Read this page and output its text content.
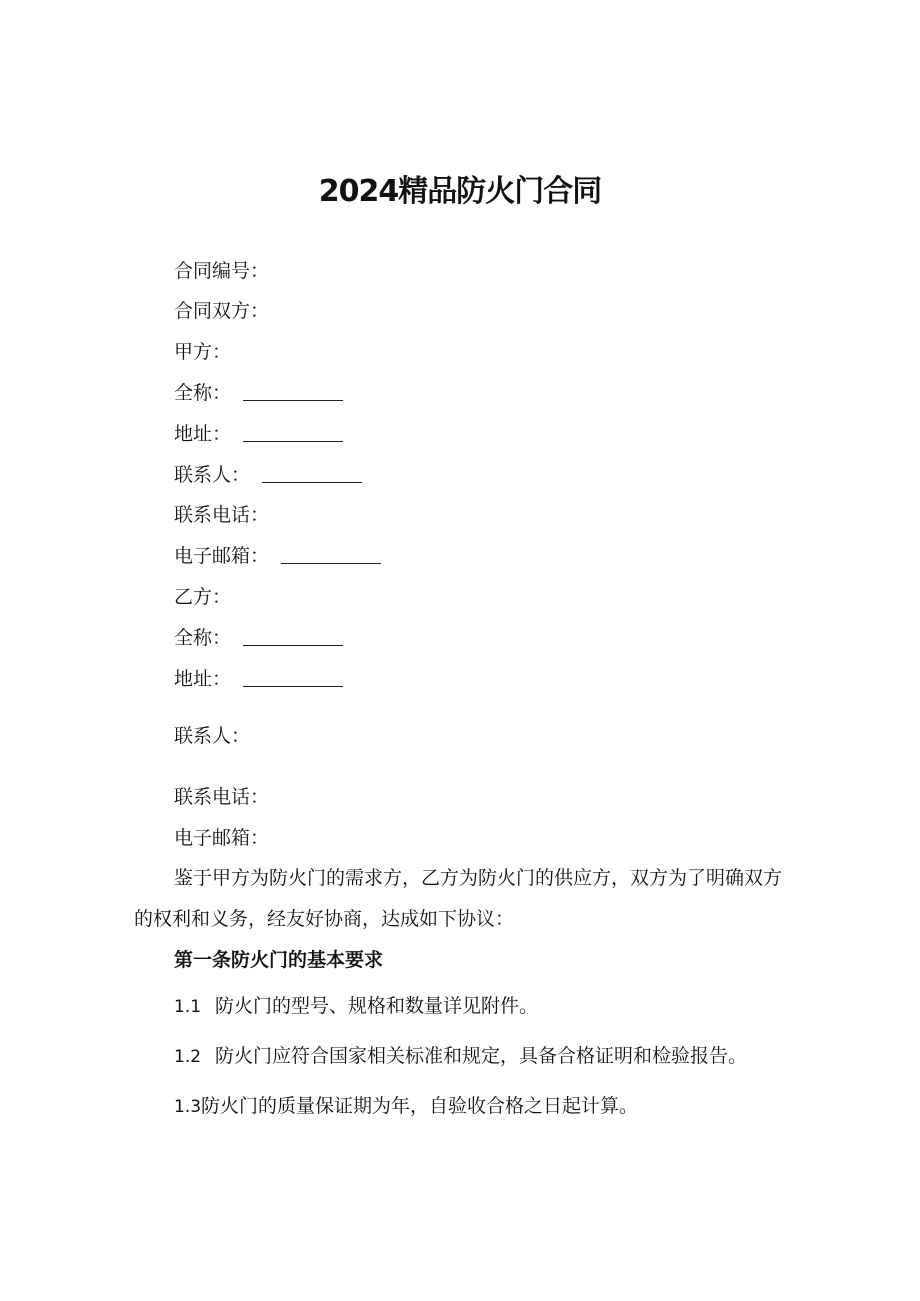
2024精品防火门合同
合同编号：
合同双方：
甲方：
全称：
地址：
联系人：
联系电话：
电子邮箱：
乙方：
全称：
地址：
联系人：
联系电话：
电子邮箱：
鉴于甲方为防火门的需求方，乙方为防火门的供应方，双方为了明确双方的权利和义务，经友好协商，达成如下协议：
第一条防火门的基本要求
1.1 防火门的型号、规格和数量详见附件。
1.2 防火门应符合国家相关标准和规定，具备合格证明和检验报告。
1.3防火门的质量保证期为年，自验收合格之日起计算。
